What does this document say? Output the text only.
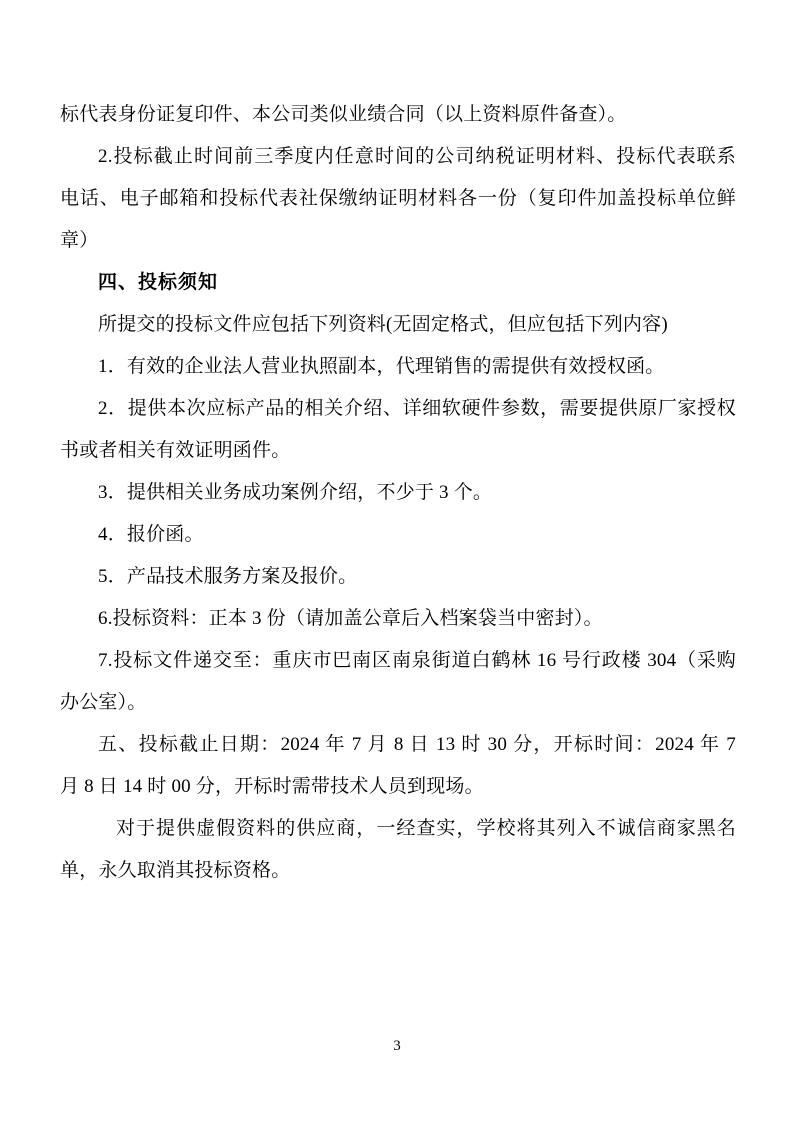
标代表身份证复印件、本公司类似业绩合同（以上资料原件备查）。
2.投标截止时间前三季度内任意时间的公司纳税证明材料、投标代表联系
电话、电子邮箱和投标代表社保缴纳证明材料各一份（复印件加盖投标单位鲜
章）
四、投标须知
所提交的投标文件应包括下列资料(无固定格式，但应包括下列内容)
1．有效的企业法人营业执照副本，代理销售的需提供有效授权函。
2．提供本次应标产品的相关介绍、详细软硬件参数，需要提供原厂家授权
书或者相关有效证明函件。
3．提供相关业务成功案例介绍，不少于 3 个。
4．报价函。
5．产品技术服务方案及报价。
6.投标资料：正本 3 份（请加盖公章后入档案袋当中密封）。
7.投标文件递交至：重庆市巴南区南泉街道白鹤林 16 号行政楼 304（采购
办公室）。
五、投标截止日期：2024 年 7 月 8 日 13 时 30 分，开标时间：2024 年 7
月 8 日 14 时 00 分，开标时需带技术人员到现场。
对于提供虚假资料的供应商，一经查实，学校将其列入不诚信商家黑名
单，永久取消其投标资格。
3
